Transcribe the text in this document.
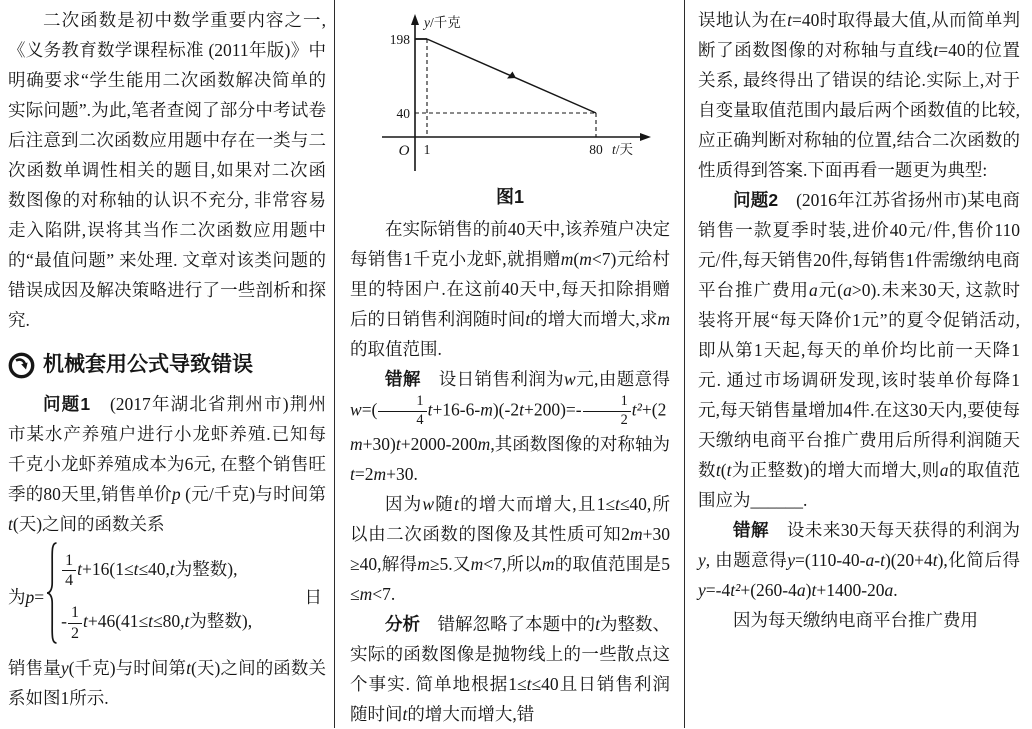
二次函数是初中数学重要内容之一,《义务教育数学课程标准 (2011年版)》中明确要求“学生能用二次函数解决简单的实际问题”.为此,笔者查阅了部分中考试卷后注意到二次函数应用题中存在一类与二次函数单调性相关的题目,如果对二次函数图像的对称轴的认识不充分, 非常容易走入陷阱,误将其当作二次函数应用题中的“最值问题” 来处理. 文章对该类问题的错误成因及解决策略进行了一些剖析和探究.

机械套用公式导致错误

问题1　(2017年湖北省荆州市)荆州市某水产养殖户进行小龙虾养殖.已知每千克小龙虾养殖成本为6元, 在整个销售旺季的80天里,销售单价p (元/千克)与时间第t(天)之间的函数关系

为p=
$\frac{1}{4} t+16(1\le t\le 40,t$为整数),
- $\frac{1}{2} t+46(41\le t\le 80,t$为整数),
日

销售量y(千克)与时间第t(天)之间的函数关系如图1所示.

y/千克
198
40
O 1	80 t/天
图1

在实际销售的前40天中,该养殖户决定每销售1千克小龙虾,就捐赠m(m<7)元给村里的特困户.在这前40天中,每天扣除捐赠后的日销售利润随时间t的增大而增大,求m的取值范围.

错解　设日销售利润为w元,由题意得$w=( \frac{1}{4} t+16-6-m)(-2t+200)=- \frac{1}{2} t^2+(2m+30)t+2000-200m$,其函数图像的对称轴为t=2m+30.

因为w随t的增大而增大,且1≤t≤40,所以由二次函数的图像及其性质可知2m+30≥40,解得m≥5.又m<7,所以m的取值范围是5≤m<7.

分析　错解忽略了本题中的t为整数、实际的函数图像是抛物线上的一些散点这个事实. 简单地根据1≤t≤40且日销售利润随时间t的增大而增大,错

误地认为在t=40时取得最大值,从而简单判断了函数图像的对称轴与直线t=40的位置关系, 最终得出了错误的结论.实际上,对于自变量取值范围内最后两个函数值的比较,应正确判断对称轴的位置,结合二次函数的性质得到答案.下面再看一题更为典型:

问题2　(2016年江苏省扬州市)某电商销售一款夏季时装,进价40元/件,售价110元/件,每天销售20件,每销售1件需缴纳电商平台推广费用a元(a>0).未来30天, 这款时装将开展“每天降价1元”的夏令促销活动,即从第1天起,每天的单价均比前一天降1元. 通过市场调研发现,该时装单价每降1元,每天销售量增加4件.在这30天内,要使每天缴纳电商平台推广费用后所得利润随天数t(t为正整数)的增大而增大,则a的取值范围应为______.

错解　设未来30天每天获得的利润为y, 由题意得y=(110-40-a-t)(20+4t),化简后得y=-4t²+(260-4a)t+1400-20a.

因为每天缴纳电商平台推广费用
